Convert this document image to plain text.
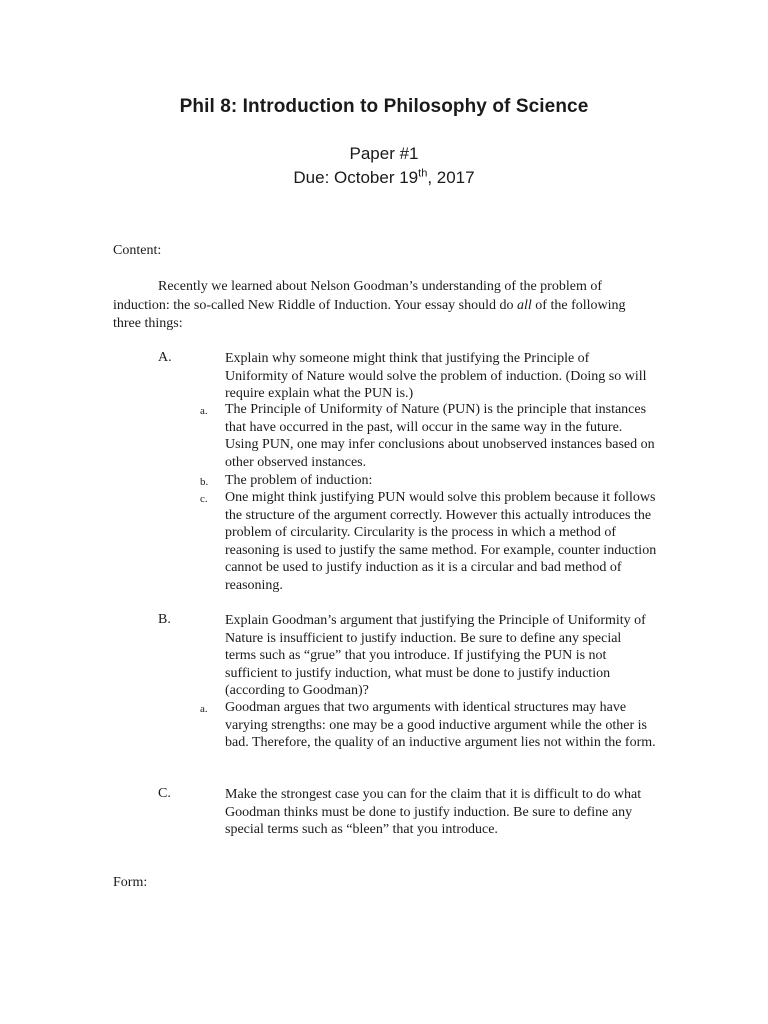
Phil 8: Introduction to Philosophy of Science
Paper #1
Due: October 19th, 2017
Content:

Recently we learned about Nelson Goodman’s understanding of the problem of induction: the so-called New Riddle of Induction. Your essay should do all of the following three things:

A.	Explain why someone might think that justifying the Principle of Uniformity of Nature would solve the problem of induction. (Doing so will require explain what the PUN is.)

a. The Principle of Uniformity of Nature (PUN) is the principle that instances that have occurred in the past, will occur in the same way in the future. Using PUN, one may infer conclusions about unobserved instances based on other observed instances.

b. The problem of induction:

c. One might think justifying PUN would solve this problem because it follows the structure of the argument correctly. However this actually introduces the problem of circularity. Circularity is the process in which a method of reasoning is used to justify the same method. For example, counter induction cannot be used to justify induction as it is a circular and bad method of reasoning.

B.	Explain Goodman’s argument that justifying the Principle of Uniformity of Nature is insufficient to justify induction. Be sure to define any special terms such as “grue” that you introduce. If justifying the PUN is not sufficient to justify induction, what must be done to justify induction (according to Goodman)?

a. Goodman argues that two arguments with identical structures may have varying strengths: one may be a good inductive argument while the other is bad. Therefore, the quality of an inductive argument lies not within the form.

C.	Make the strongest case you can for the claim that it is difficult to do what Goodman thinks must be done to justify induction. Be sure to define any special terms such as “bleen” that you introduce.

Form:
